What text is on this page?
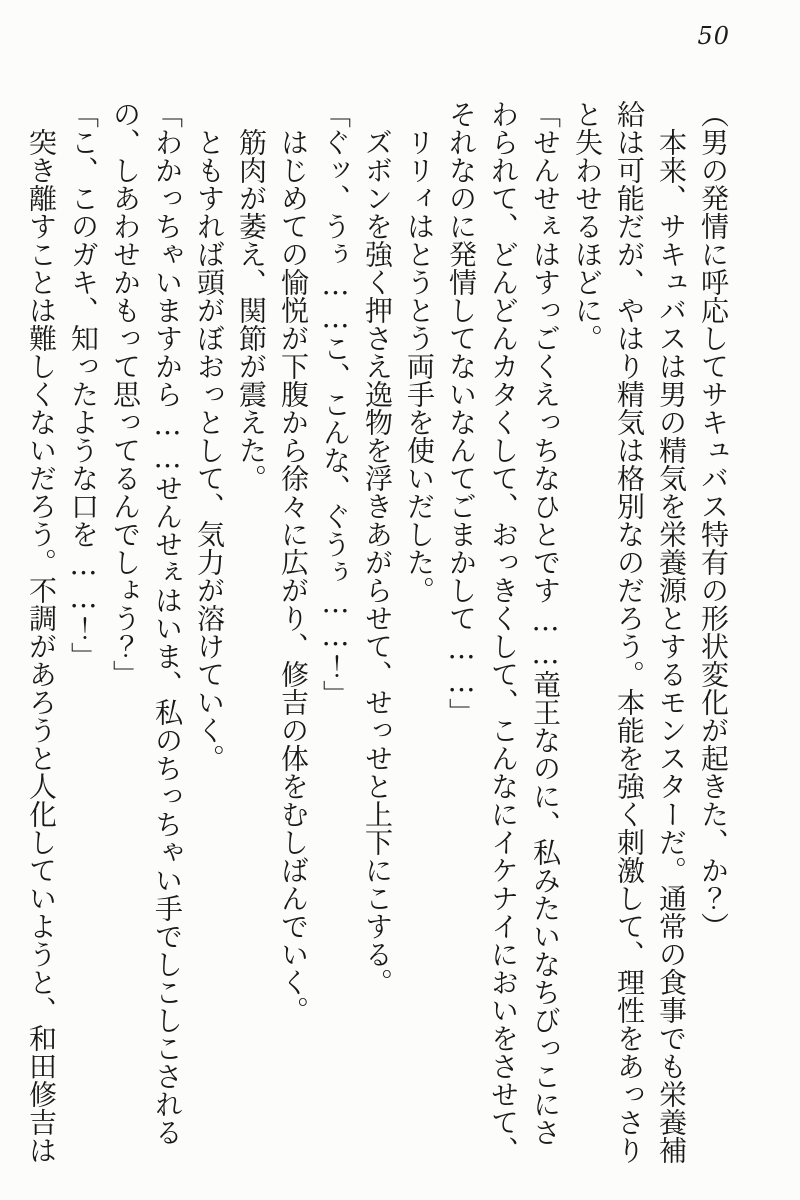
50

（男の発情に呼応してサキュバス特有の形状変化が起きた、か？）

本来、サキュバスは男の精気を栄養源とするモンスターだ。通常の食事でも栄養補給は可能だが、やはり精気は格別なのだろう。本能を強く刺激して、理性をあっさりと失わせるほどに。

「せんせぇはすっごくえっちなひとです……竜王なのに、私みたいなちびっこにさわられて、どんどんカタくして、おっきくして、こんなにイケナイにおいをさせて、それなのに発情してないなんてごまかして……」

リリィはとうとう両手を使いだした。

ズボンを強く押さえ逸物を浮きあがらせて、せっせと上下にこする。

「ぐッ、うぅ……こ、こんな、ぐうぅ……！」

はじめての愉悦が下腹から徐々に広がり、修吉の体をむしばんでいく。

筋肉が萎え、関節が震えた。

ともすれば頭がぼおっとして、気力が溶けていく。

「わかっちゃいますから……せんせぇはいま、私のちっちゃい手でしこしこされるの、しあわせかもって思ってるんでしょう？」

「こ、このガキ、知ったような口を……！」

突き離すことは難しくないだろう。不調があろうと人化していようと、和田修吉は
